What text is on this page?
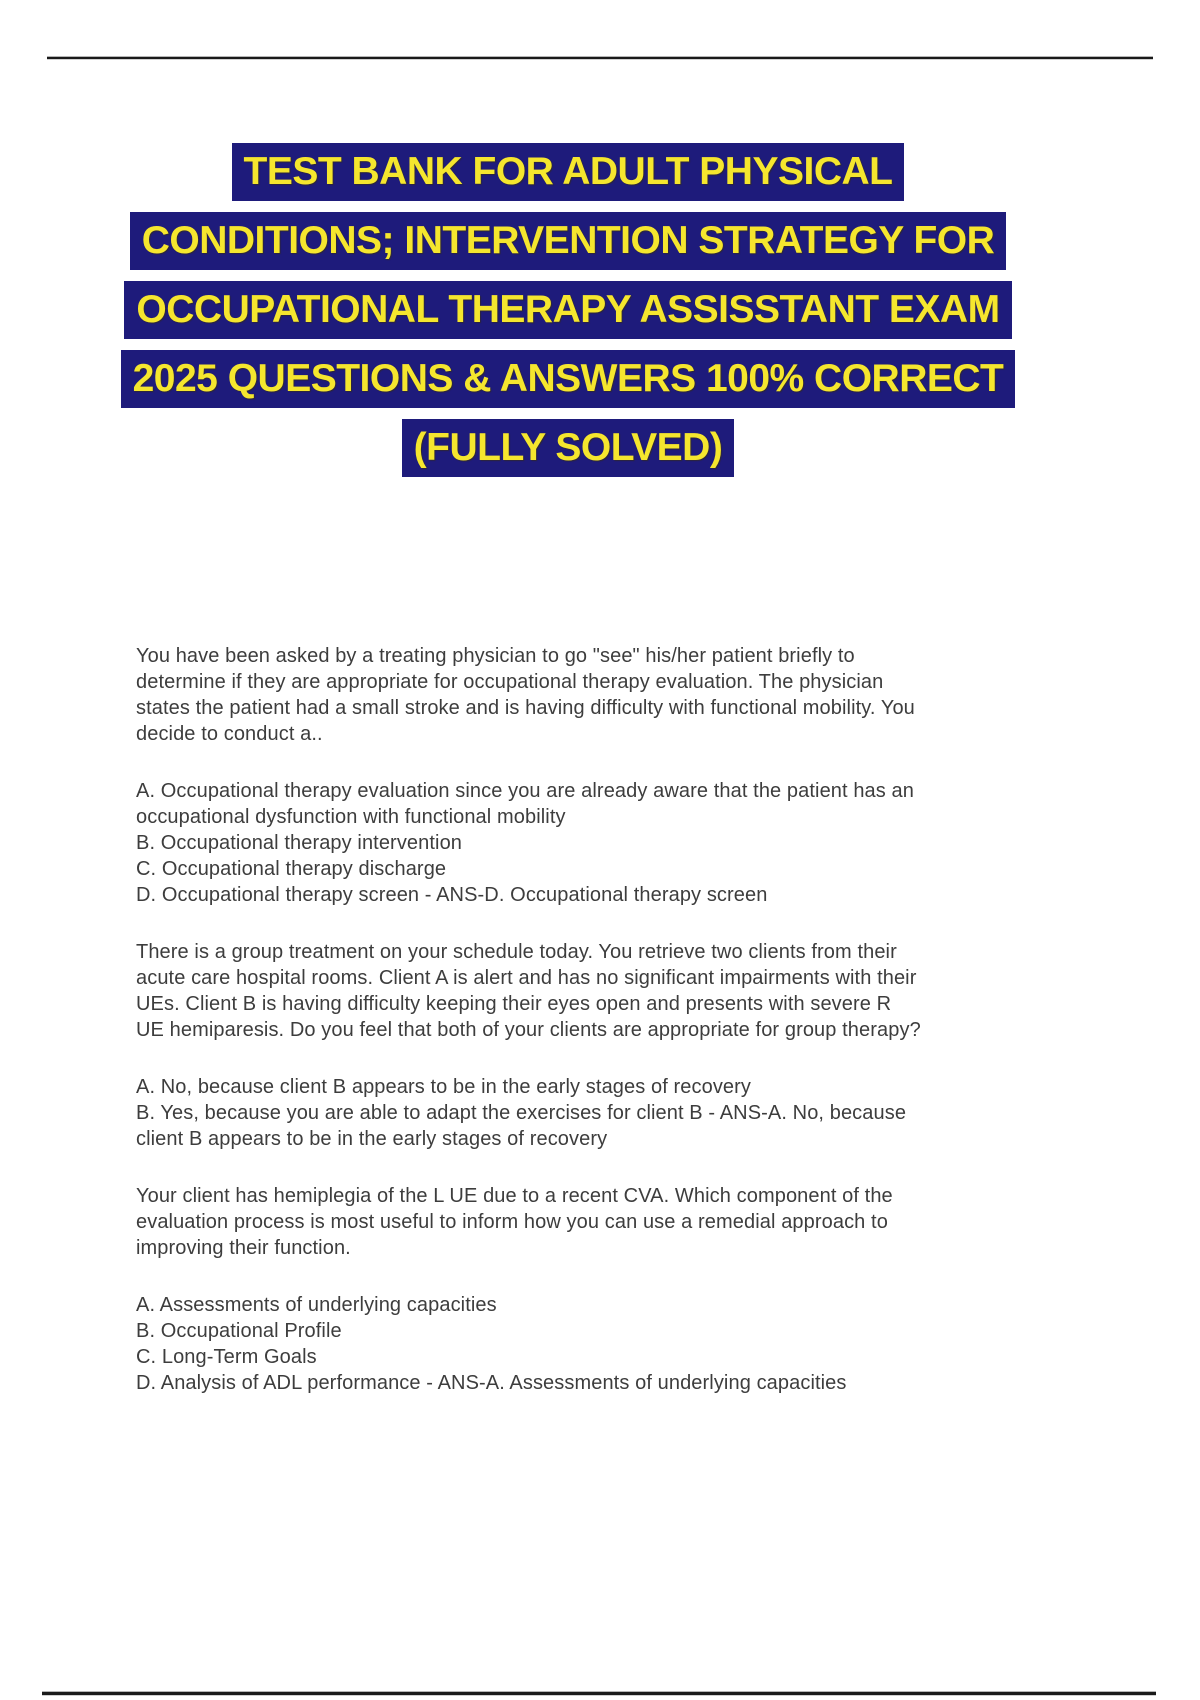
TEST BANK FOR ADULT PHYSICAL
CONDITIONS; INTERVENTION STRATEGY FOR
OCCUPATIONAL THERAPY ASSISSTANT EXAM
2025 QUESTIONS & ANSWERS 100% CORRECT
(FULLY SOLVED)
You have been asked by a treating physician to go "see" his/her patient briefly to
determine if they are appropriate for occupational therapy evaluation. The physician
states the patient had a small stroke and is having difficulty with functional mobility. You
decide to conduct a..
A. Occupational therapy evaluation since you are already aware that the patient has an
occupational dysfunction with functional mobility
B. Occupational therapy intervention
C. Occupational therapy discharge
D. Occupational therapy screen - ANS-D. Occupational therapy screen
There is a group treatment on your schedule today. You retrieve two clients from their
acute care hospital rooms. Client A is alert and has no significant impairments with their
UEs. Client B is having difficulty keeping their eyes open and presents with severe R
UE hemiparesis. Do you feel that both of your clients are appropriate for group therapy?
A. No, because client B appears to be in the early stages of recovery
B. Yes, because you are able to adapt the exercises for client B - ANS-A. No, because
client B appears to be in the early stages of recovery
Your client has hemiplegia of the L UE due to a recent CVA. Which component of the
evaluation process is most useful to inform how you can use a remedial approach to
improving their function.
A. Assessments of underlying capacities
B. Occupational Profile
C. Long-Term Goals
D. Analysis of ADL performance - ANS-A. Assessments of underlying capacities
